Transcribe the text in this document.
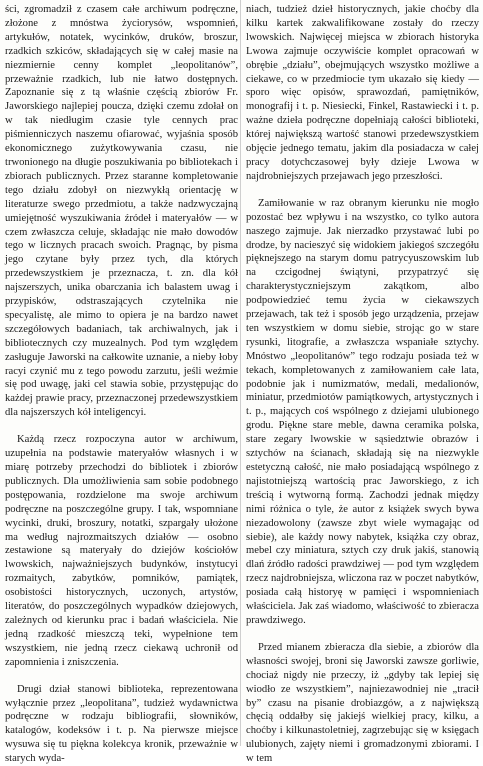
ści, zgromadził z czasem całe archiwum podręczne, złożone z mnóstwa życiorysów, wspomnień, artykułów, notatek, wycinków, druków, broszur, rzadkich szkiców, składających się w całej masie na niezmiernie cenny komplet „leopolitanów”, przeważnie rzadkich, lub nie łatwo dostępnych. Zapoznanie się z tą właśnie częścią zbiorów Fr. Jaworskiego najlepiej poucza, dzięki czemu zdołał on w tak niedługim czasie tyle cennych prac piśmienniczych naszemu ofiarować, wyjaśnia sposób ekonomicznego zużytkowywania czasu, nie trwonionego na długie poszukiwania po bibliotekach i zbiorach publicznych. Przez staranne kompletowanie tego działu zdobył on niezwykłą orientację w literaturze swego przedmiotu, a także nadzwyczajną umiejętność wyszukiwania źródeł i materyałów — w czem zwłaszcza celuje, składając nie mało dowodów tego w licznych pracach swoich. Pragnąc, by pisma jego czytane były przez tych, dla których przedewszystkiem je przeznacza, t. zn. dla kół najszerszych, unika obarczania ich balastem uwag i przypisków, odstraszających czytelnika nie specyalistę, ale mimo to opiera je na bardzo nawet szczegółowych badaniach, tak archiwalnych, jak i bibliotecznych czy muzealnych. Pod tym względem zasługuje Jaworski na całkowite uznanie, a nieby łoby racyi czynić mu z tego powodu zarzutu, jeśli weźmie się pod uwagę, jaki cel stawia sobie, przystępując do każdej prawie pracy, przeznaczonej przedewszystkiem dla najszerszych kół inteligencyi.

Każdą rzecz rozpoczyna autor w archiwum, uzupełnia na podstawie materyałów własnych i w miarę potrzeby przechodzi do bibliotek i zbiorów publicznych. Dla umożliwienia sam sobie podobnego postępowania, rozdzielone ma swoje archiwum podręczne na poszczególne grupy. I tak, wspomniane wycinki, druki, broszury, notatki, szpargały ułożone ma według najrozmaitszych działów — osobno zestawione są materyały do dziejów kościołów lwowskich, najważniejszych budynków, instytucyi rozmaitych, zabytków, pomników, pamiątek, osobistości historycznych, uczonych, artystów, literatów, do poszczególnych wypadków dziejowych, zależnych od kierunku prac i badań właściciela. Nie jedną rzadkość mieszczą teki, wypełnione tem wszystkiem, nie jedną rzecz ciekawą uchronił od zapomnienia i zniszczenia.

Drugi dział stanowi biblioteka, reprezentowana wyłącznie przez „leopolitana”, tudzież wydawnictwa podręczne w rodzaju bibliografii, słowników, katalogów, kodeksów i t. p. Na pierwsze miejsce wysuwa się tu piękna kolekcya kronik, przeważnie w starych wyda-

niach, tudzież dzieł historycznych, jakie choćby dla kilku kartek zakwalifikowane zostały do rzeczy lwowskich. Najwięcej miejsca w zbiorach historyka Lwowa zajmuje oczywiście komplet opracowań w obrębie „działu”, obejmujących wszystko możliwe a ciekawe, co w przedmiocie tym ukazało się kiedy — sporo więc opisów, sprawozdań, pamiętników, monografij i t. p. Niesiecki, Finkel, Rastawiecki i t. p. ważne dzieła podręczne dopełniają całości biblioteki, której największą wartość stanowi przedewszystkiem objęcie jednego tematu, jakim dla posiadacza w całej pracy dotychczasowej były dzieje Lwowa w najdrobniejszych przejawach jego przeszłości.

Zamiłowanie w raz obranym kierunku nie mogło pozostać bez wpływu i na wszystko, co tylko autora naszego zajmuje. Jak nierzadko przystawać lubi po drodze, by nacieszyć się widokiem jakiegoś szczegółu pięknejszego na starym domu patrycyuszowskim lub na czcigodnej świątyni, przypatrzyć się charakterystyczniejszym zakątkom, albo podpowiedzieć temu życia w ciekawszych przejawach, tak też i sposób jego urządzenia, przejaw ten wszystkiem w domu siebie, strojąc go w stare rysunki, litografie, a zwłaszcza wspaniałe sztychy. Mnóstwo „leopolitanów” tego rodzaju posiada też w tekach, kompletowanych z zamiłowaniem całe lata, podobnie jak i numizmatów, medali, medalionów, miniatur, przedmiotów pamiątkowych, artystycznych i t. p., mających coś wspólnego z dziejami ulubionego grodu. Piękne stare meble, dawna ceramika polska, stare zegary lwowskie w sąsiedztwie obrazów i sztychów na ścianach, składają się na niezwykle estetyczną całość, nie mało posiadającą wspólnego z najistotniejszą wartością prac Jaworskiego, z ich treścią i wytworną formą. Zachodzi jednak między nimi różnica o tyle, że autor z książek swych bywa niezadowolony (zawsze zbyt wiele wymagając od siebie), ale każdy nowy nabytek, książka czy obraz, mebel czy miniatura, sztych czy druk jakiś, stanowią dlań źródło radości prawdziwej — pod tym względem rzecz najdrobniejsza, wliczona raz w poczet nabytków, posiada całą historyę w pamięci i wspomnieniach właściciela. Jak zaś wiadomo, właściwość to zbieracza prawdziwego.

Przed mianem zbieracza dla siebie, a zbiorów dla własności swojej, broni się Jaworski zawsze gorliwie, chociaż nigdy nie przeczy, iż „gdyby tak lepiej się wiodło ze wszystkiem”, najniezawodniej nie „tracił by” czasu na pisanie drobiazgów, a z największą chęcią oddałby się jakiejś wielkiej pracy, kilku, a choćby i kilkunastoletniej, zagrzebując się w księgach ulubionych, zajęty niemi i gromadzonymi zbiorami. I w tem
